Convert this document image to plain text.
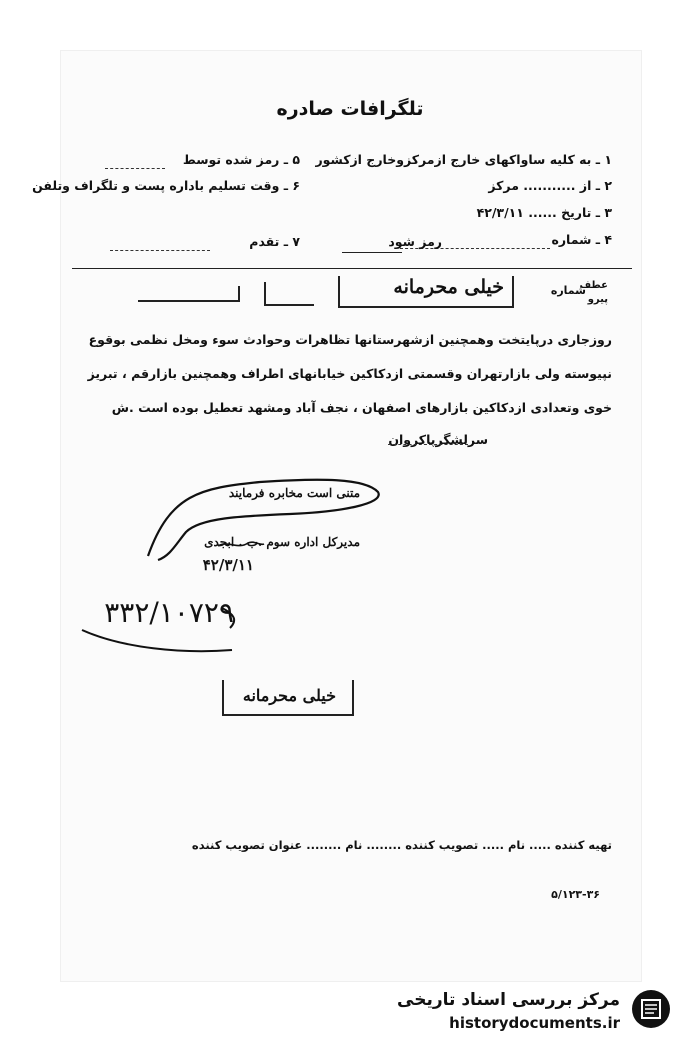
تلگرافات صادره
۱ ـ به کلیه ساواکهای خارج ازمرکزوخارج ازکشور
۲ ـ از ........... مرکز
۳ ـ تاریخ ...... ۴۲/۳/۱۱
۴ ـ شماره
رمز شود
۵ ـ رمز شده توسط
۶ ـ وقت تسلیم باداره پست و تلگراف وتلفن
۷ ـ تقدم
شماره
عطف
پیرو
خیلی محرمانه
روزجاری درپایتخت وهمچنین ازشهرستانها تظاهرات وحوادث سوء ومخل نظمی بوقوع
نپیوسته ولی بازارتهران وقسمتی ازدکاکین خیابانهای اطراف وهمچنین بازارقم ، تبریز
خوی وتعدادی ازدکاکین بازارهای اصفهان ، نجف آباد ومشهد تعطیل بوده است .ش
سرلشگرپاکروان
متنی است مخابره فرمایند
مدیرکل اداره سوم .ب . ابجدی
۴۲/۳/۱۱
۳۳۲/۱۰۷۲۹
خیلی محرمانه
تهیه کننده ..... نام ..... تصویب کننده ........ نام ........ عنوان تصویب کننده
۵/۱۲۳-۳۶
مرکز بررسی اسناد تاریخی
historydocuments.ir
